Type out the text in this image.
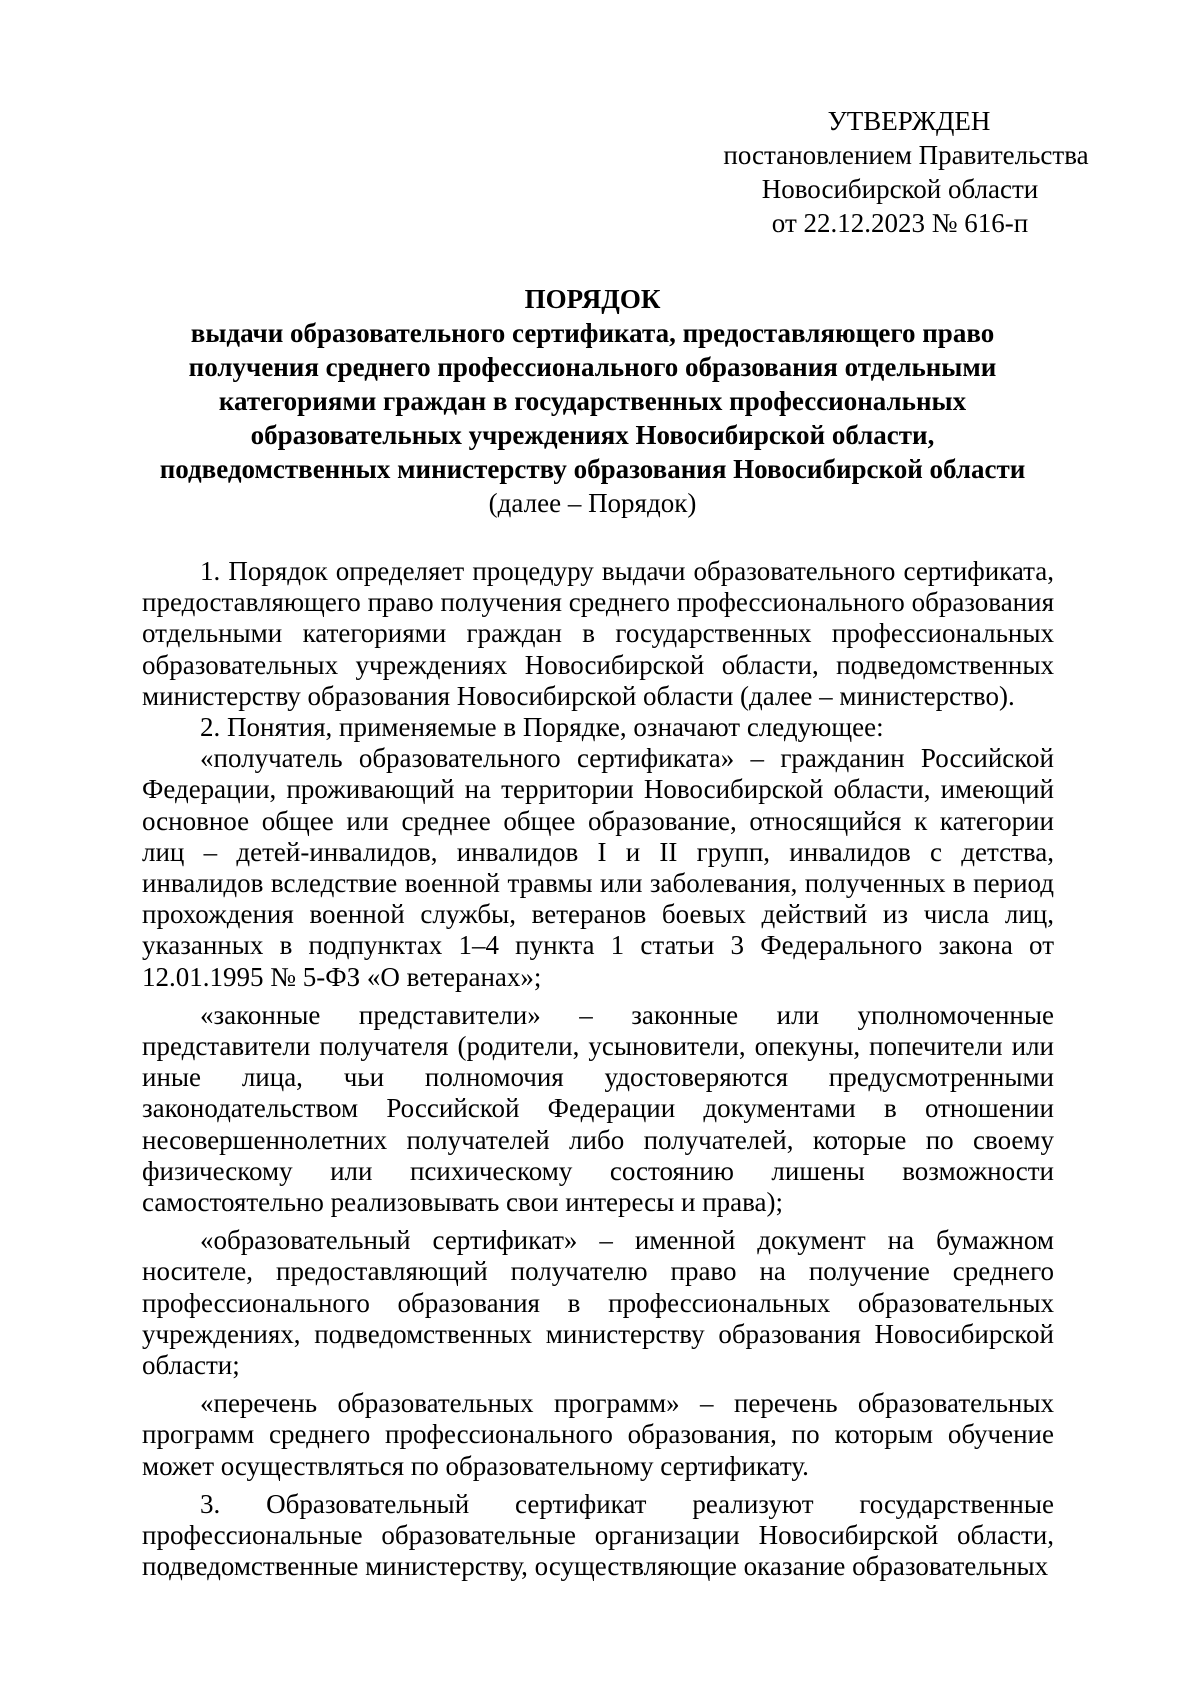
УТВЕРЖДЕН
постановлением Правительства
Новосибирской области
от 22.12.2023 № 616-п
ПОРЯДОК
выдачи образовательного сертификата, предоставляющего право
получения среднего профессионального образования отдельными
категориями граждан в государственных профессиональных
образовательных учреждениях Новосибирской области,
подведомственных министерству образования Новосибирской области
(далее – Порядок)

1. Порядок определяет процедуру выдачи образовательного сертификата, предоставляющего право получения среднего профессионального образования отдельными категориями граждан в государственных профессиональных образовательных учреждениях Новосибирской области, подведомственных министерству образования Новосибирской области (далее – министерство).

2. Понятия, применяемые в Порядке, означают следующее:

«получатель образовательного сертификата» – гражданин Российской Федерации, проживающий на территории Новосибирской области, имеющий основное общее или среднее общее образование, относящийся к категории лиц – детей-инвалидов, инвалидов I и II групп, инвалидов с детства, инвалидов вследствие военной травмы или заболевания, полученных в период прохождения военной службы, ветеранов боевых действий из числа лиц, указанных в подпунктах 1–4 пункта 1 статьи 3 Федерального закона от 12.01.1995 № 5-ФЗ «О ветеранах»;

«законные представители» – законные или уполномоченные представители получателя (родители, усыновители, опекуны, попечители или иные лица, чьи полномочия удостоверяются предусмотренными законодательством Российской Федерации документами в отношении несовершеннолетних получателей либо получателей, которые по своему физическому или психическому состоянию лишены возможности самостоятельно реализовывать свои интересы и права);

«образовательный сертификат» – именной документ на бумажном носителе, предоставляющий получателю право на получение среднего профессионального образования в профессиональных образовательных учреждениях, подведомственных министерству образования Новосибирской области;

«перечень образовательных программ» – перечень образовательных программ среднего профессионального образования, по которым обучение может осуществляться по образовательному сертификату.

3. Образовательный сертификат реализуют государственные профессиональные образовательные организации Новосибирской области, подведомственные министерству, осуществляющие оказание образовательных
